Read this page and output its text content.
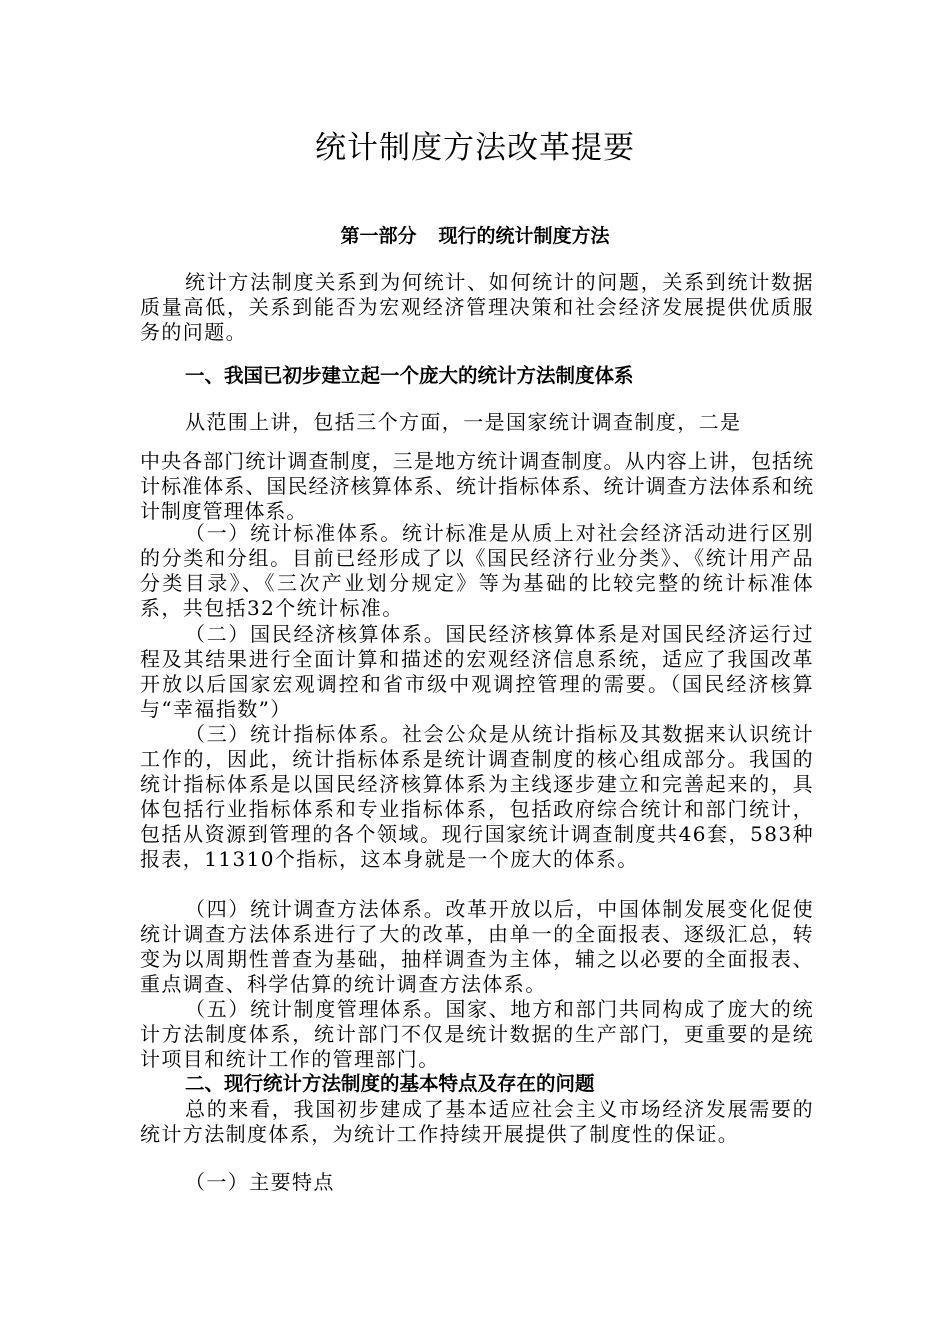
统计制度方法改革提要
第一部分 现行的统计制度方法

统计方法制度关系到为何统计、如何统计的问题，关系到统计数据质量高低，关系到能否为宏观经济管理决策和社会经济发展提供优质服务的问题。

一、我国已初步建立起一个庞大的统计方法制度体系

从范围上讲，包括三个方面，一是国家统计调查制度，二是

中央各部门统计调查制度，三是地方统计调查制度。从内容上讲，包括统计标准体系、国民经济核算体系、统计指标体系、统计调查方法体系和统计制度管理体系。

（一）统计标准体系。统计标准是从质上对社会经济活动进行区别的分类和分组。目前已经形成了以《国民经济行业分类》、《统计用产品分类目录》、《三次产业划分规定》等为基础的比较完整的统计标准体系，共包括32个统计标准。

（二）国民经济核算体系。国民经济核算体系是对国民经济运行过程及其结果进行全面计算和描述的宏观经济信息系统，适应了我国改革开放以后国家宏观调控和省市级中观调控管理的需要。（国民经济核算与“幸福指数”）

（三）统计指标体系。社会公众是从统计指标及其数据来认识统计工作的，因此，统计指标体系是统计调查制度的核心组成部分。我国的统计指标体系是以国民经济核算体系为主线逐步建立和完善起来的，具体包括行业指标体系和专业指标体系，包括政府综合统计和部门统计，包括从资源到管理的各个领域。现行国家统计调查制度共46套，583种报表，11310个指标，这本身就是一个庞大的体系。

（四）统计调查方法体系。改革开放以后，中国体制发展变化促使统计调查方法体系进行了大的改革，由单一的全面报表、逐级汇总，转变为以周期性普查为基础，抽样调查为主体，辅之以必要的全面报表、重点调查、科学估算的统计调查方法体系。

（五）统计制度管理体系。国家、地方和部门共同构成了庞大的统计方法制度体系，统计部门不仅是统计数据的生产部门，更重要的是统计项目和统计工作的管理部门。

二、现行统计方法制度的基本特点及存在的问题

总的来看，我国初步建成了基本适应社会主义市场经济发展需要的统计方法制度体系，为统计工作持续开展提供了制度性的保证。

（一）主要特点
